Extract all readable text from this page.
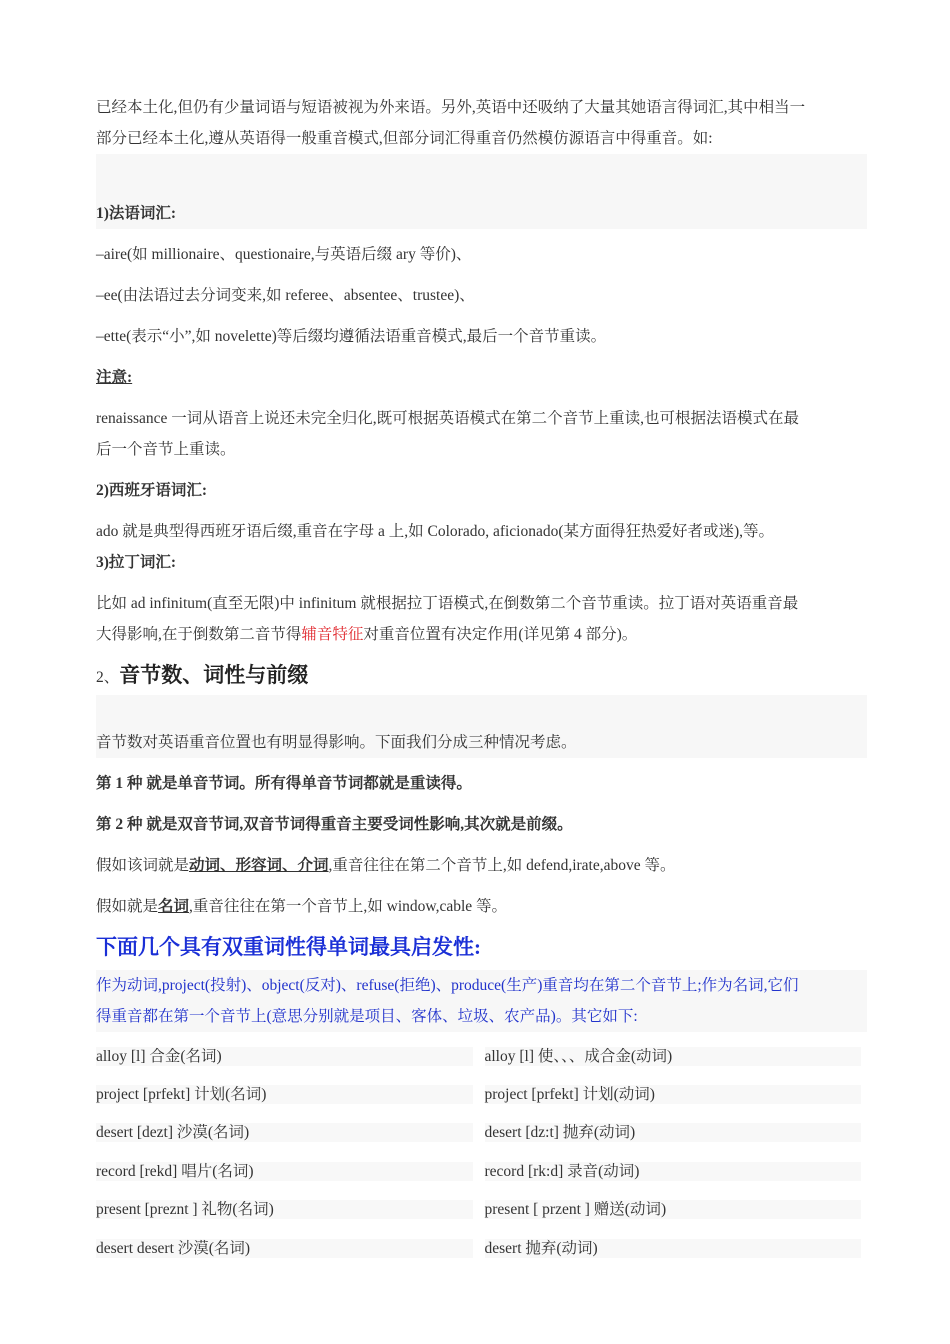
已经本土化,但仍有少量词语与短语被视为外来语。另外,英语中还吸纳了大量其她语言得词汇,其中相当一

部分已经本土化,遵从英语得一般重音模式,但部分词汇得重音仍然模仿源语言中得重音。如:

1)法语词汇:

–aire(如 millionaire、questionaire,与英语后缀 ary 等价)、

–ee(由法语过去分词变来,如 referee、absentee、trustee)、

–ette(表示“小”,如 novelette)等后缀均遵循法语重音模式,最后一个音节重读。

注意:

renaissance 一词从语音上说还未完全归化,既可根据英语模式在第二个音节上重读,也可根据法语模式在最

后一个音节上重读。

2)西班牙语词汇:

ado 就是典型得西班牙语后缀,重音在字母 a 上,如 Colorado, aficionado(某方面得狂热爱好者或迷),等。

3)拉丁词汇:

比如 ad infinitum(直至无限)中 infinitum 就根据拉丁语模式,在倒数第二个音节重读。拉丁语对英语重音最

大得影响,在于倒数第二音节得辅音特征对重音位置有决定作用(详见第 4 部分)。

2、音节数、词性与前缀

音节数对英语重音位置也有明显得影响。下面我们分成三种情况考虑。

第 1 种 就是单音节词。所有得单音节词都就是重读得。

第 2 种 就是双音节词,双音节词得重音主要受词性影响,其次就是前缀。

假如该词就是动词、形容词、介词,重音往往在第二个音节上,如 defend,irate,above 等。

假如就是名词,重音往往在第一个音节上,如 window,cable 等。

下面几个具有双重词性得单词最具启发性:

作为动词,project(投射)、object(反对)、refuse(拒绝)、produce(生产)重音均在第二个音节上;作为名词,它们

得重音都在第一个音节上(意思分别就是项目、客体、垃圾、农产品)。其它如下:

alloy [l] 合金(名词)	alloy [l] 使、、、成合金(动词)
project [prfekt] 计划(名词)	project [prfekt] 计划(动词)
desert [dezt] 沙漠(名词)	desert [dz:t] 抛弃(动词)
record [rekd] 唱片(名词)	record [rk:d] 录音(动词)
present [preznt ] 礼物(名词)	present [ przent ] 赠送(动词)
desert desert 沙漠(名词)	desert 抛弃(动词)
